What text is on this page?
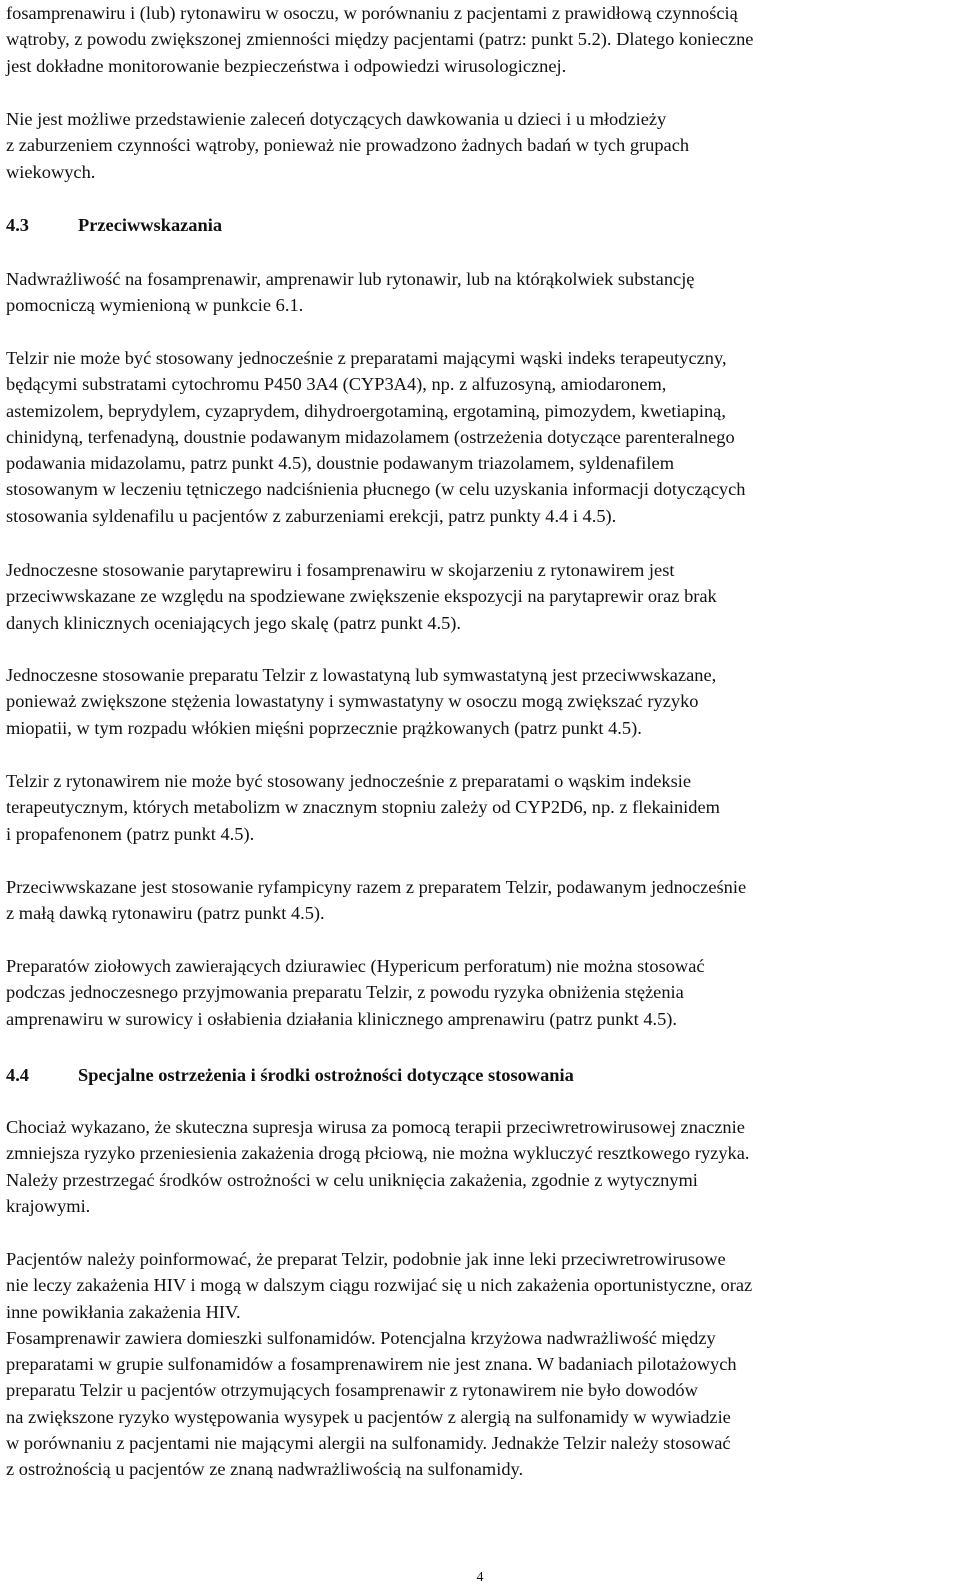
fosamprenawiru i (lub) rytonawiru w osoczu, w porównaniu z pacjentami z prawidłową czynnością
wątroby, z powodu zwiększonej zmienności między pacjentami (patrz: punkt 5.2). Dlatego konieczne
jest dokładne monitorowanie bezpieczeństwa i odpowiedzi wirusologicznej.

Nie jest możliwe przedstawienie zaleceń dotyczących dawkowania u dzieci i u młodzieży
z zaburzeniem czynności wątroby, ponieważ nie prowadzono żadnych badań w tych grupach
wiekowych.

4.3	Przeciwwskazania

Nadwrażliwość na fosamprenawir, amprenawir lub rytonawir, lub na którąkolwiek substancję
pomocniczą wymienioną w punkcie 6.1.

Telzir nie może być stosowany jednocześnie z preparatami mającymi wąski indeks terapeutyczny,
będącymi substratami cytochromu P450 3A4 (CYP3A4), np. z alfuzosyną, amiodaronem,
astemizolem, beprydylem, cyzaprydem, dihydroergotaminą, ergotaminą, pimozydem, kwetiapiną,
chinidyną, terfenadyną, doustnie podawanym midazolamem (ostrzeżenia dotyczące parenteralnego
podawania midazolamu, patrz punkt 4.5), doustnie podawanym triazolamem, syldenafilem
stosowanym w leczeniu tętniczego nadciśnienia płucnego (w celu uzyskania informacji dotyczących
stosowania syldenafilu u pacjentów z zaburzeniami erekcji, patrz punkty 4.4 i 4.5).

Jednoczesne stosowanie parytaprewiru i fosamprenawiru w skojarzeniu z rytonawirem jest
przeciwwskazane ze względu na spodziewane zwiększenie ekspozycji na parytaprewir oraz brak
danych klinicznych oceniających jego skalę (patrz punkt 4.5).

Jednoczesne stosowanie preparatu Telzir z lowastatyną lub symwastatyną jest przeciwwskazane,
ponieważ zwiększone stężenia lowastatyny i symwastatyny w osoczu mogą zwiększać ryzyko
miopatii, w tym rozpadu włókien mięśni poprzecznie prążkowanych (patrz punkt 4.5).

Telzir z rytonawirem nie może być stosowany jednocześnie z preparatami o wąskim indeksie
terapeutycznym, których metabolizm w znacznym stopniu zależy od CYP2D6, np. z flekainidem
i propafenonem (patrz punkt 4.5).

Przeciwwskazane jest stosowanie ryfampicyny razem z preparatem Telzir, podawanym jednocześnie
z małą dawką rytonawiru (patrz punkt 4.5).

Preparatów ziołowych zawierających dziurawiec (Hypericum perforatum) nie można stosować
podczas jednoczesnego przyjmowania preparatu Telzir, z powodu ryzyka obniżenia stężenia
amprenawiru w surowicy i osłabienia działania klinicznego amprenawiru (patrz punkt 4.5).

4.4	Specjalne ostrzeżenia i środki ostrożności dotyczące stosowania

Chociaż wykazano, że skuteczna supresja wirusa za pomocą terapii przeciwretrowirusowej znacznie
zmniejsza ryzyko przeniesienia zakażenia drogą płciową, nie można wykluczyć resztkowego ryzyka.
Należy przestrzegać środków ostrożności w celu uniknięcia zakażenia, zgodnie z wytycznymi
krajowymi.

Pacjentów należy poinformować, że preparat Telzir, podobnie jak inne leki przeciwretrowirusowe
nie leczy zakażenia HIV i mogą w dalszym ciągu rozwijać się u nich zakażenia oportunistyczne, oraz
inne powikłania zakażenia HIV.
Fosamprenawir zawiera domieszki sulfonamidów. Potencjalna krzyżowa nadwrażliwość między
preparatami w grupie sulfonamidów a fosamprenawirem nie jest znana. W badaniach pilotażowych
preparatu Telzir u pacjentów otrzymujących fosamprenawir z rytonawirem nie było dowodów
na zwiększone ryzyko występowania wysypek u pacjentów z alergią na sulfonamidy w wywiadzie
w porównaniu z pacjentami nie mającymi alergii na sulfonamidy. Jednakże Telzir należy stosować
z ostrożnością u pacjentów ze znaną nadwrażliwością na sulfonamidy.

4
